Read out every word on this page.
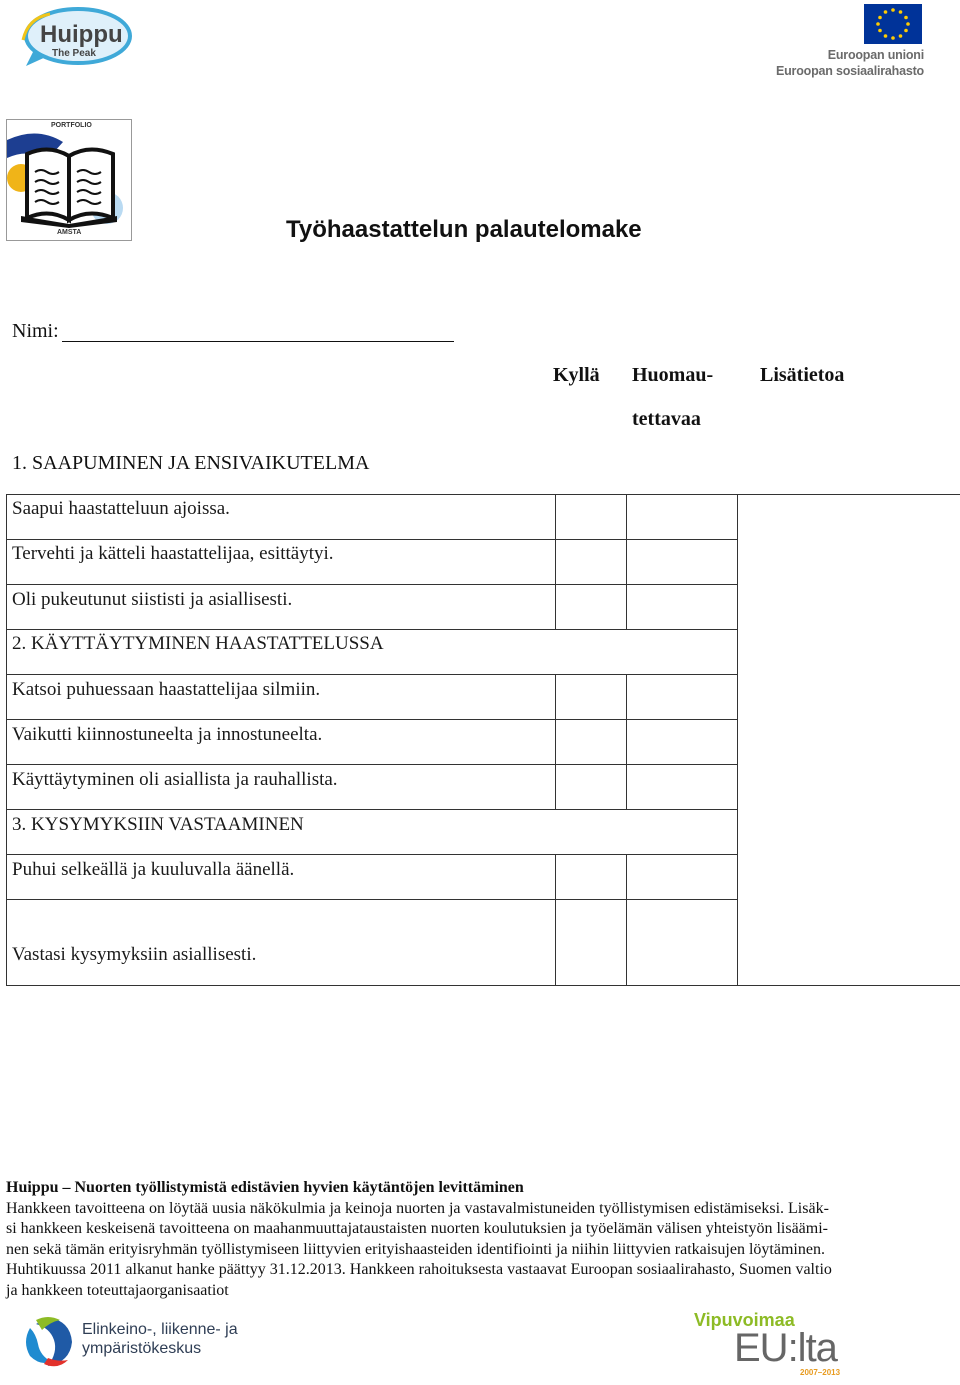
Huippu
The Peak	Euroopan unioni
Euroopan sosiaalirahasto
PORTFOLIO
AMSTA	Työhaastattelun palautelomake
Nimi:
Kyllä Huomau-
tettavaa
Lisätietoa
1. SAAPUMINEN JA ENSIVAIKUTELMA
Saapui haastatteluun ajoissa.
Tervehti ja kätteli haastattelijaa, esittäytyi.
Oli pukeutunut siististi ja asiallisesti.
2. KÄYTTÄYTYMINEN HAASTATTELUSSA
Katsoi puhuessaan haastattelijaa silmiin.
Vaikutti kiinnostuneelta ja innostuneelta.
Käyttäytyminen oli asiallista ja rauhallista.
3. KYSYMYKSIIN VASTAAMINEN
Puhui selkeällä ja kuuluvalla äänellä.
Vastasi kysymyksiin asiallisesti.
Huippu – Nuorten työllistymistä edistävien hyvien käytäntöjen levittäminen
Hankkeen tavoitteena on löytää uusia näkökulmia ja keinoja nuorten ja vastavalmistuneiden työllistymisen edistämiseksi. Lisäk-
si hankkeen keskeisenä tavoitteena on maahanmuuttajataustaisten nuorten koulutuksien ja työelämän välisen yhteistyön lisäämi-
nen sekä tämän erityisryhmän työllistymiseen liittyvien erityishaasteiden identifiointi ja niihin liittyvien ratkaisujen löytäminen.
Huhtikuussa 2011 alkanut hanke päättyy 31.12.2013. Hankkeen rahoituksesta vastaavat Euroopan sosiaalirahasto, Suomen valtio
ja hankkeen toteuttajaorganisaatiot
Elinkeino-, liikenne- ja
ympäristökeskus
Vipuvoimaa
EU:lta
2007–2013
